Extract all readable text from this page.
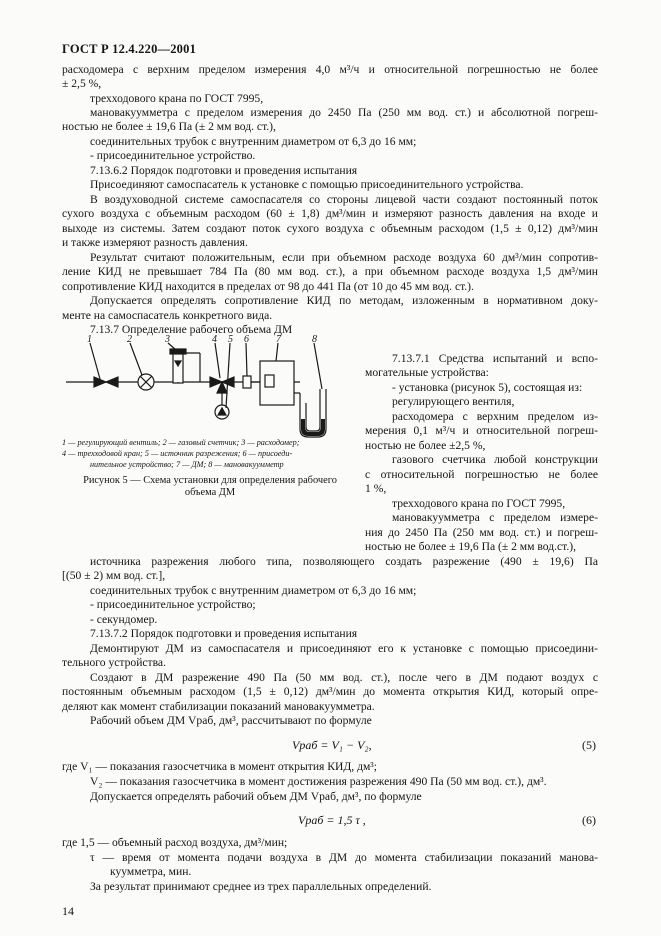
ГОСТ Р 12.4.220—2001
расходомера с верхним пределом измерения 4,0 м³/ч и относительной погрешностью не более
± 2,5 %,
трехходового крана по ГОСТ 7995,
мановакуумметра с пределом измерения до 2450 Па (250 мм вод. ст.) и абсолютной погреш-
ностью не более ± 19,6 Па (± 2 мм вод. ст.),
соединительных трубок с внутренним диаметром от 6,3 до 16 мм;
- присоединительное устройство.
7.13.6.2 Порядок подготовки и проведения испытания
Присоединяют самоспасатель к установке с помощью присоединительного устройства.
В воздуховодной системе самоспасателя со стороны лицевой части создают постоянный поток
сухого воздуха с объемным расходом (60 ± 1,8) дм³/мин и измеряют разность давления на входе и
выходе из системы. Затем создают поток сухого воздуха с объемным расходом (1,5 ± 0,12) дм³/мин
и также измеряют разность давления.
Результат считают положительным, если при объемном расходе воздуха 60 дм³/мин сопротив-
ление КИД не превышает 784 Па (80 мм вод. ст.), а при объемном расходе воздуха 1,5 дм³/мин
сопротивление КИД находится в пределах от 98 до 441 Па (от 10 до 45 мм вод. ст.).
Допускается определять сопротивление КИД по методам, изложенным в нормативном доку-
менте на самоспасатель конкретного вида.
7.13.7 Определение рабочего объема ДМ
1	2	3	4 5 6	7	8
1 — регулирующий вентиль; 2 — газовый счетчик; 3 — расходомер;
4 — трехходовой кран; 5 — источник разрежения; 6 — присоеди-
нительное устройство; 7 — ДМ; 8 — мановакуумметр
Рисунок 5 — Схема установки для определения рабочего
объема ДМ
7.13.7.1 Средства испытаний и вспо-
могательные устройства:
- установка (рисунок 5), состоящая из:
регулирующего вентиля,
расходомера с верхним пределом из-
мерения 0,1 м³/ч и относительной погреш-
ностью не более ±2,5 %,
газового счетчика любой конструкции
с относительной погрешностью не более
1 %,
трехходового крана по ГОСТ 7995,
мановакуумметра с пределом измере-
ния до 2450 Па (250 мм вод. ст.) и погреш-
ностью не более ± 19,6 Па (± 2 мм вод.ст.),
источника разрежения любого типа, позволяющего создать разрежение (490 ± 19,6) Па
[(50 ± 2) мм вод. ст.],
соединительных трубок с внутренним диаметром от 6,3 до 16 мм;
- присоединительное устройство;
- секундомер.
7.13.7.2 Порядок подготовки и проведения испытания
Демонтируют ДМ из самоспасателя и присоединяют его к установке с помощью присоедини-
тельного устройства.
Создают в ДМ разрежение 490 Па (50 мм вод. ст.), после чего в ДМ подают воздух с
постоянным объемным расходом (1,5 ± 0,12) дм³/мин до момента открытия КИД, который опре-
деляют как момент стабилизации показаний мановакуумметра.
Рабочий объем ДМ Vраб, дм³, рассчитывают по формуле
Vраб = V₁ − V₂,	(5)
где V₁ — показания газосчетчика в момент открытия КИД, дм³;
V₂ — показания газосчетчика в момент достижения разрежения 490 Па (50 мм вод. ст.), дм³.
Допускается определять рабочий объем ДМ Vраб, дм³, по формуле
Vраб = 1,5 τ ,	(6)
где 1,5 — объемный расход воздуха, дм³/мин;
τ — время от момента подачи воздуха в ДМ до момента стабилизации показаний манова-
куумметра, мин.
За результат принимают среднее из трех параллельных определений.
14
